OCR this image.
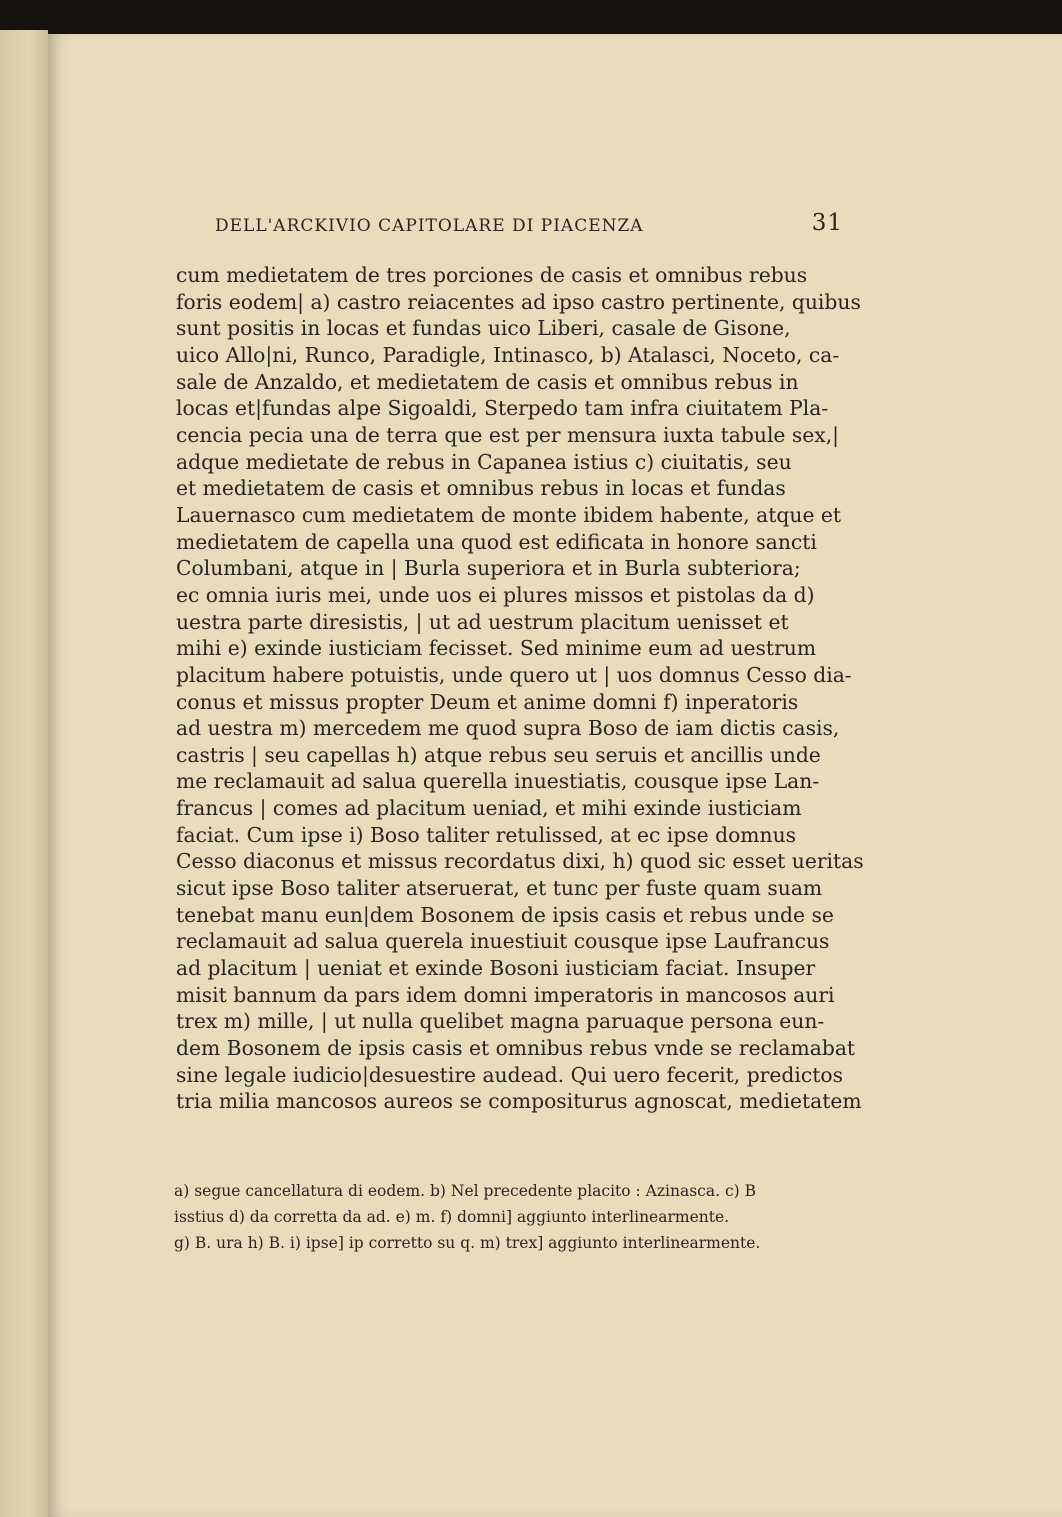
DELL'ARCKIVIO CAPITOLARE DI PIACENZA	31
cum medietatem de tres porciones de casis et omnibus rebus
foris eodem| a) castro reiacentes ad ipso castro pertinente, quibus
sunt positis in locas et fundas uico Liberi, casale de Gisone,
uico Allo|ni, Runco, Paradigle, Intinasco, b) Atalasci, Noceto, ca-
sale de Anzaldo, et medietatem de casis et omnibus rebus in
locas et|fundas alpe Sigoaldi, Sterpedo tam infra ciuitatem Pla-
cencia pecia una de terra que est per mensura iuxta tabule sex,|
adque medietate de rebus in Capanea istius c) ciuitatis, seu
et medietatem de casis et omnibus rebus in locas et fundas
Lauernasco cum medietatem de monte ibidem habente, atque et
medietatem de capella una quod est edificata in honore sancti
Columbani, atque in | Burla superiora et in Burla subteriora;
ec omnia iuris mei, unde uos ei plures missos et pistolas da d)
uestra parte diresistis, | ut ad uestrum placitum uenisset et
mihi e) exinde iusticiam fecisset. Sed minime eum ad uestrum
placitum habere potuistis, unde quero ut | uos domnus Cesso dia-
conus et missus propter Deum et anime domni f) inperatoris
ad uestra m) mercedem me quod supra Boso de iam dictis casis,
castris | seu capellas h) atque rebus seu seruis et ancillis unde
me reclamauit ad salua querella inuestiatis, cousque ipse Lan-
francus | comes ad placitum ueniad, et mihi exinde iusticiam
faciat. Cum ipse i) Boso taliter retulissed, at ec ipse domnus
Cesso diaconus et missus recordatus dixi, h) quod sic esset ueritas
sicut ipse Boso taliter atseruerat, et tunc per fuste quam suam
tenebat manu eun|dem Bosonem de ipsis casis et rebus unde se
reclamauit ad salua querela inuestiuit cousque ipse Laufrancus
ad placitum | ueniat et exinde Bosoni iusticiam faciat. Insuper
misit bannum da pars idem domni imperatoris in mancosos auri
trex m) mille, | ut nulla quelibet magna paruaque persona eun-
dem Bosonem de ipsis casis et omnibus rebus vnde se reclamabat
sine legale iudicio|desuestire audead. Qui uero fecerit, predictos
tria milia mancosos aureos se compositurus agnoscat, medietatem
a) segue cancellatura di eodem. b) Nel precedente placito : Azinasca. c) B
isstius d) da corretta da ad. e) m. f) domni] aggiunto interlinearmente.
g) B. ura h) B. i) ipse] ip corretto su q. m) trex] aggiunto interlinearmente.
